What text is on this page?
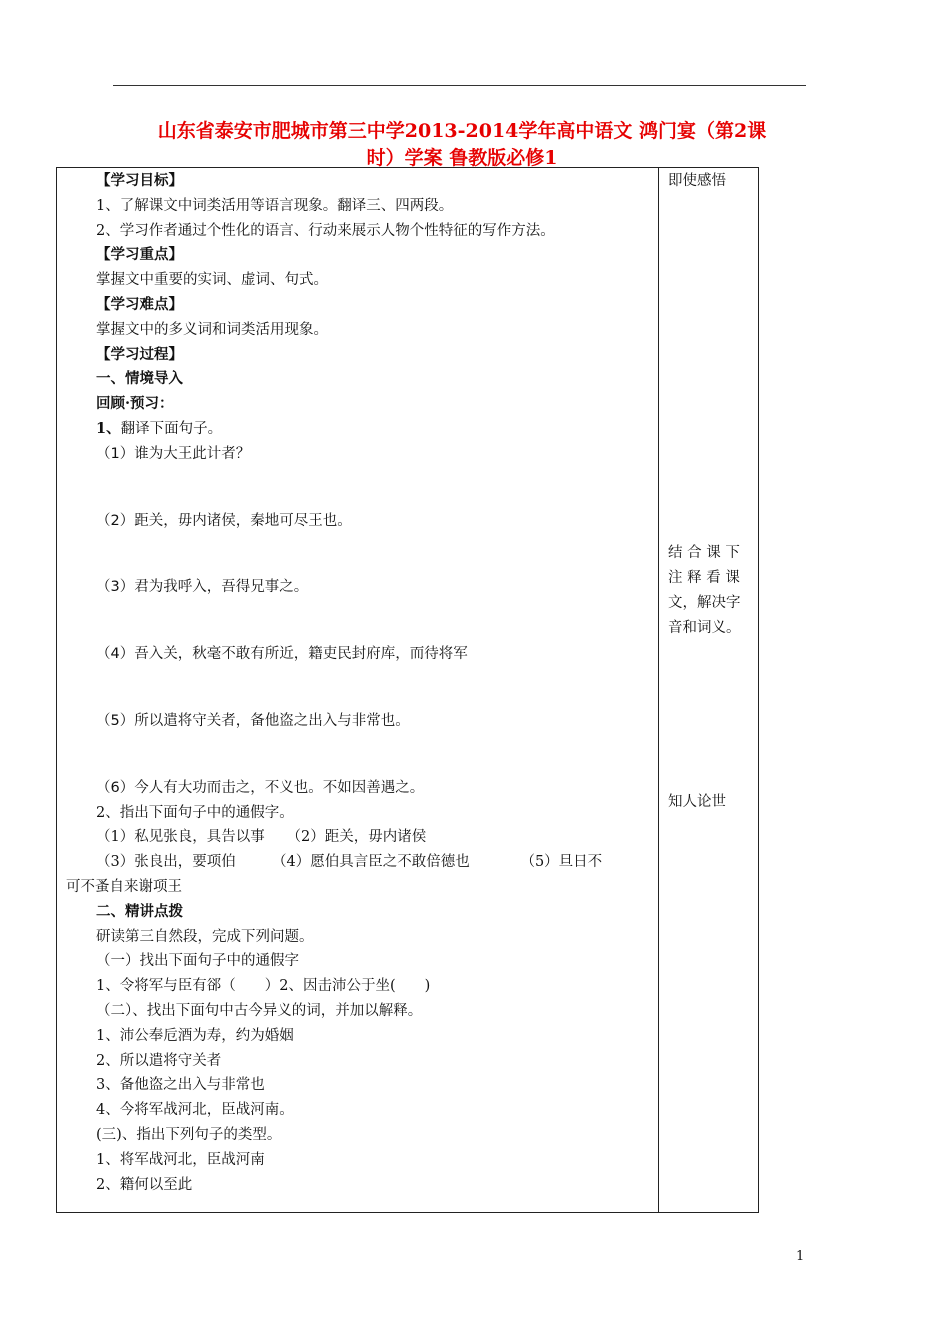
山东省泰安市肥城市第三中学2013-2014学年高中语文 鸿门宴（第2课
时）学案 鲁教版必修1
【学习目标】
1、了解课文中词类活用等语言现象。翻译三、四两段。
2、学习作者通过个性化的语言、行动来展示人物个性特征的写作方法。
【学习重点】
掌握文中重要的实词、虚词、句式。
【学习难点】
掌握文中的多义词和词类活用现象。
【学习过程】
一、情境导入
回顾·预习：
1、翻译下面句子。
（1）谁为大王此计者？
（2）距关，毋内诸侯，秦地可尽王也。
（3）君为我呼入，吾得兄事之。
（4）吾入关，秋毫不敢有所近，籍吏民封府库，而待将军
（5）所以遣将守关者，备他盗之出入与非常也。
（6）今人有大功而击之，不义也。不如因善遇之。
2、指出下面句子中的通假字。
（1）私见张良，具告以事　　（2）距关，毋内诸侯
（3）张良出，要项伯　　　（4）愿伯具言臣之不敢倍德也　　　　（5）旦日不
可不蚤自来谢项王
二、精讲点拨
研读第三自然段，完成下列问题。
（一）找出下面句子中的通假字
1、令将军与臣有郤（　　）2、因击沛公于坐(　　)
（二）、找出下面句中古今异义的词，并加以解释。
1、沛公奉卮酒为寿，约为婚姻
2、所以遣将守关者
3、备他盗之出入与非常也
4、今将军战河北，臣战河南。
(三)、指出下列句子的类型。
1、将军战河北，臣战河南
2、籍何以至此
即使感悟
结 合 课 下
注 释 看 课
文，解决字
音和词义。
知人论世
1
